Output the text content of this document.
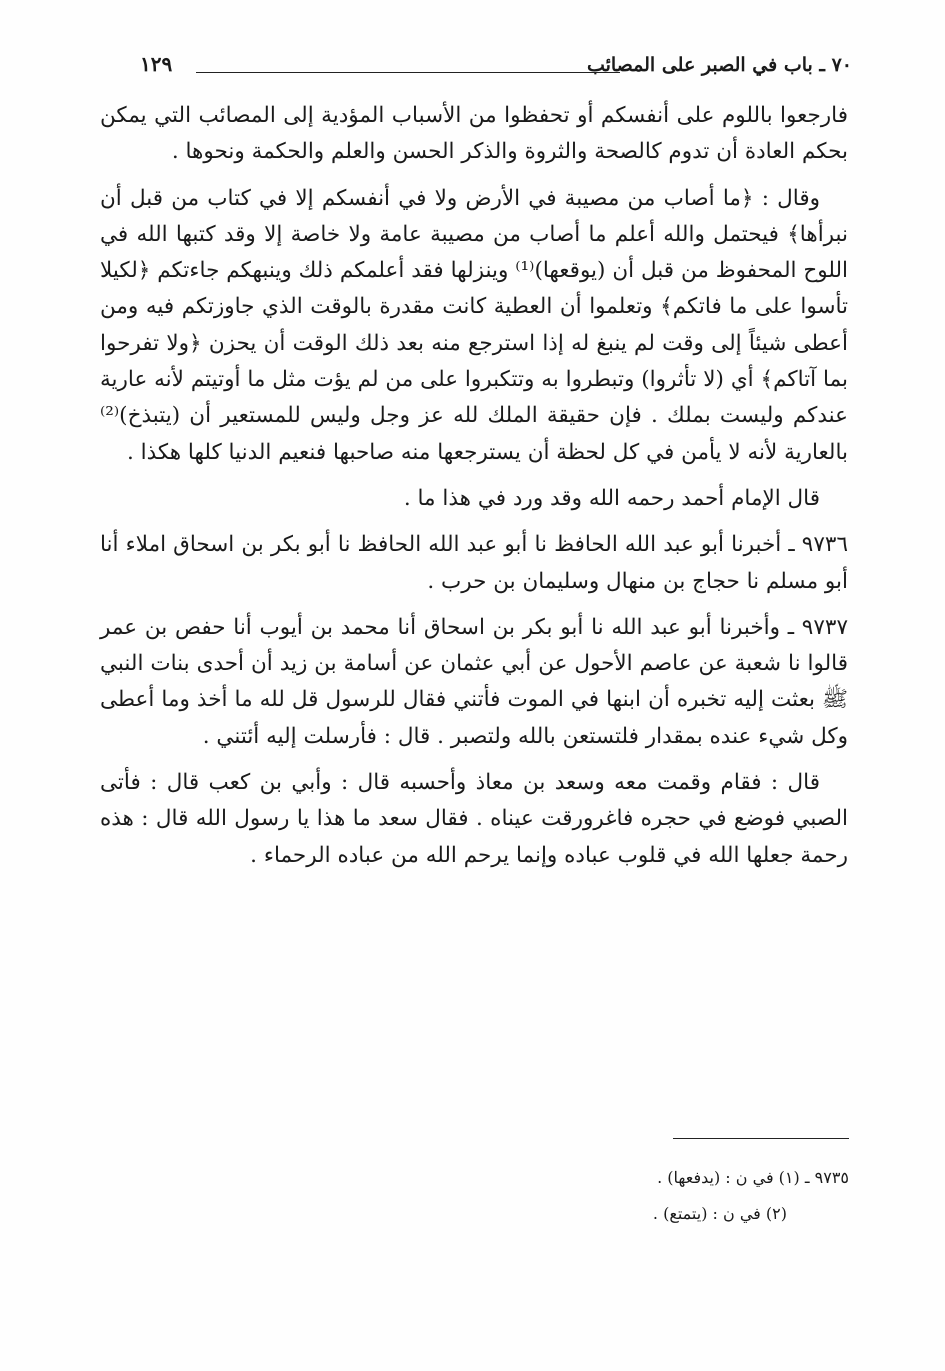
٧٠ ـ باب في الصبر على المصائب
١٢٩

فارجعوا باللوم على أنفسكم أو تحفظوا من الأسباب المؤدية إلى المصائب التي يمكن بحكم العادة أن تدوم كالصحة والثروة والذكر الحسن والعلم والحكمة ونحوها .

وقال : ﴿ما أصاب من مصيبة في الأرض ولا في أنفسكم إلا في كتاب من قبل أن نبرأها﴾ فيحتمل والله أعلم ما أصاب من مصيبة عامة ولا خاصة إلا وقد كتبها الله في اللوح المحفوظ من قبل أن (يوقعها)⁽¹⁾ وينزلها فقد أعلمكم ذلك وينبهكم جاءتكم ﴿لكيلا تأسوا على ما فاتكم﴾ وتعلموا أن العطية كانت مقدرة بالوقت الذي جاوزتكم فيه ومن أعطى شيئاً إلى وقت لم ينبغ له إذا استرجع منه بعد ذلك الوقت أن يحزن ﴿ولا تفرحوا بما آتاكم﴾ أي (لا تأثروا) وتبطروا به وتتكبروا على من لم يؤت مثل ما أوتيتم لأنه عارية عندكم وليست بملك . فإن حقيقة الملك لله عز وجل وليس للمستعير أن (يتبذخ)⁽²⁾ بالعارية لأنه لا يأمن في كل لحظة أن يسترجعها منه صاحبها فنعيم الدنيا كلها هكذا .

قال الإمام أحمد رحمه الله وقد ورد في هذا ما .

٩٧٣٦ ـ أخبرنا أبو عبد الله الحافظ نا أبو عبد الله الحافظ نا أبو بكر بن اسحاق املاء أنا أبو مسلم نا حجاج بن منهال وسليمان بن حرب .

٩٧٣٧ ـ وأخبرنا أبو عبد الله نا أبو بكر بن اسحاق أنا محمد بن أيوب أنا حفص بن عمر قالوا نا شعبة عن عاصم الأحول عن أبي عثمان عن أسامة بن زيد أن أحدى بنات النبي ﷺ بعثت إليه تخبره أن ابنها في الموت فأتني فقال للرسول قل لله ما أخذ وما أعطى وكل شيء عنده بمقدار فلتستعن بالله ولتصبر . قال : فأرسلت إليه أئتني .

قال : فقام وقمت معه وسعد بن معاذ وأحسبه قال : وأبي بن كعب قال : فأتى الصبي فوضع في حجره فاغرورقت عيناه . فقال سعد ما هذا يا رسول الله قال : هذه رحمة جعلها الله في قلوب عباده وإنما يرحم الله من عباده الرحماء .

٩٧٣٥ ـ (١) في ن : (يدفعها) .

(٢) في ن : (يتمتع) .
